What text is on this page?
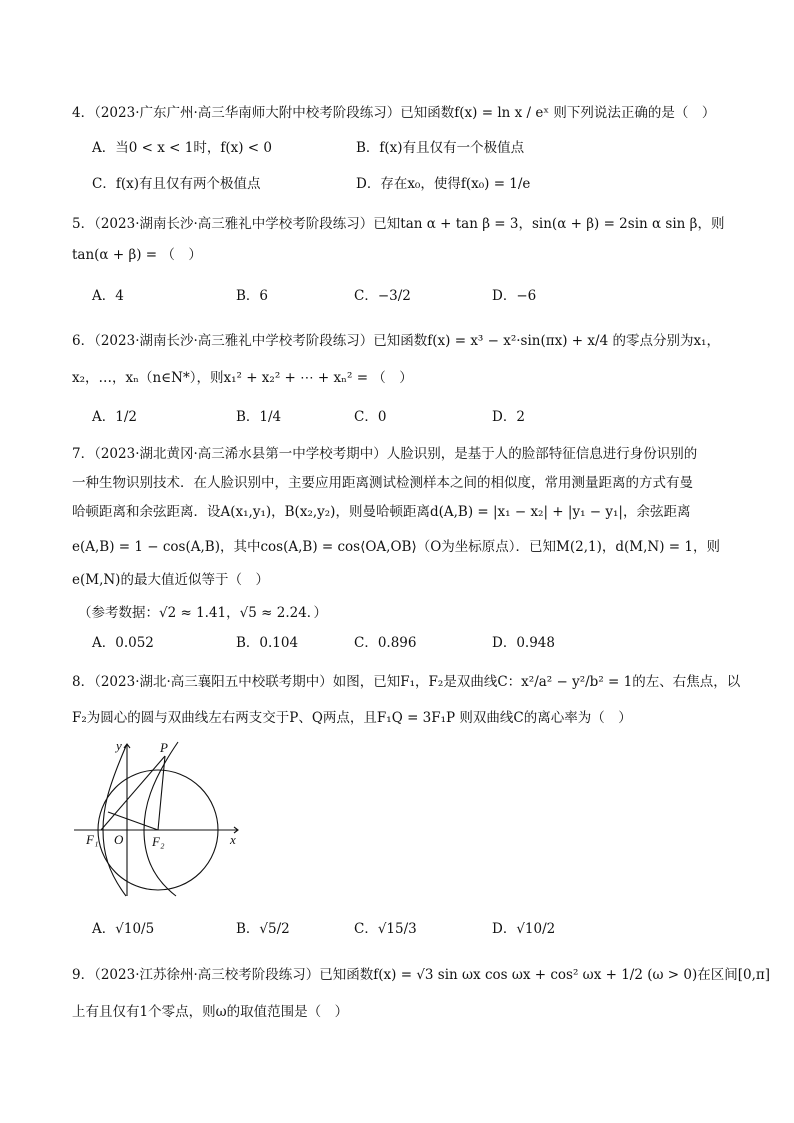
4．（2023·广东广州·高三华南师大附中校考阶段练习）已知函数f(x) = ln x / eˣ 则下列说法正确的是（　）
A．当0 < x < 1时，f(x) < 0	B．f(x)有且仅有一个极值点
C．f(x)有且仅有两个极值点	D．存在x₀，使得f(x₀) = 1/e
5．（2023·湖南长沙·高三雅礼中学校考阶段练习）已知tan α + tan β = 3，sin(α + β) = 2sin α sin β，则
tan(α + β) = （　）
A．4	B．6	C．−3/2	D．−6
6．（2023·湖南长沙·高三雅礼中学校考阶段练习）已知函数f(x) = x³ − x²·sin(πx) + x/4 的零点分别为x₁，
x₂，…，xₙ（n∈N*），则x₁² + x₂² + ⋯ + xₙ² = （　）
A．1/2	B．1/4	C．0	D．2
7．（2023·湖北黄冈·高三浠水县第一中学校考期中）人脸识别，是基于人的脸部特征信息进行身份识别的
一种生物识别技术．在人脸识别中，主要应用距离测试检测样本之间的相似度，常用测量距离的方式有曼
哈顿距离和余弦距离．设A(x₁,y₁)，B(x₂,y₂)，则曼哈顿距离d(A,B) = |x₁ − x₂| + |y₁ − y₁|，余弦距离
e(A,B) = 1 − cos(A,B)，其中cos(A,B) = cos⟨OA,OB⟩（O为坐标原点）．已知M(2,1)，d(M,N) = 1，则
e(M,N)的最大值近似等于（　）
（参考数据：√2 ≈ 1.41，√5 ≈ 2.24．）
A．0.052	B．0.104	C．0.896	D．0.948
8．（2023·湖北·高三襄阳五中校联考期中）如图，已知F₁，F₂是双曲线C：x²/a² − y²/b² = 1的左、右焦点，以
F₂为圆心的圆与双曲线左右两支交于P、Q两点，且F₁Q = 3F₁P 则双曲线C的离心率为（　）
y
x
P
F₁ O F₂
A．√10/5	B．√5/2	C．√15/3	D．√10/2
9．（2023·江苏徐州·高三校考阶段练习）已知函数f(x) = √3 sin ωx cos ωx + cos² ωx + 1/2 (ω > 0)在区间[0,π]
上有且仅有1个零点，则ω的取值范围是（　）
